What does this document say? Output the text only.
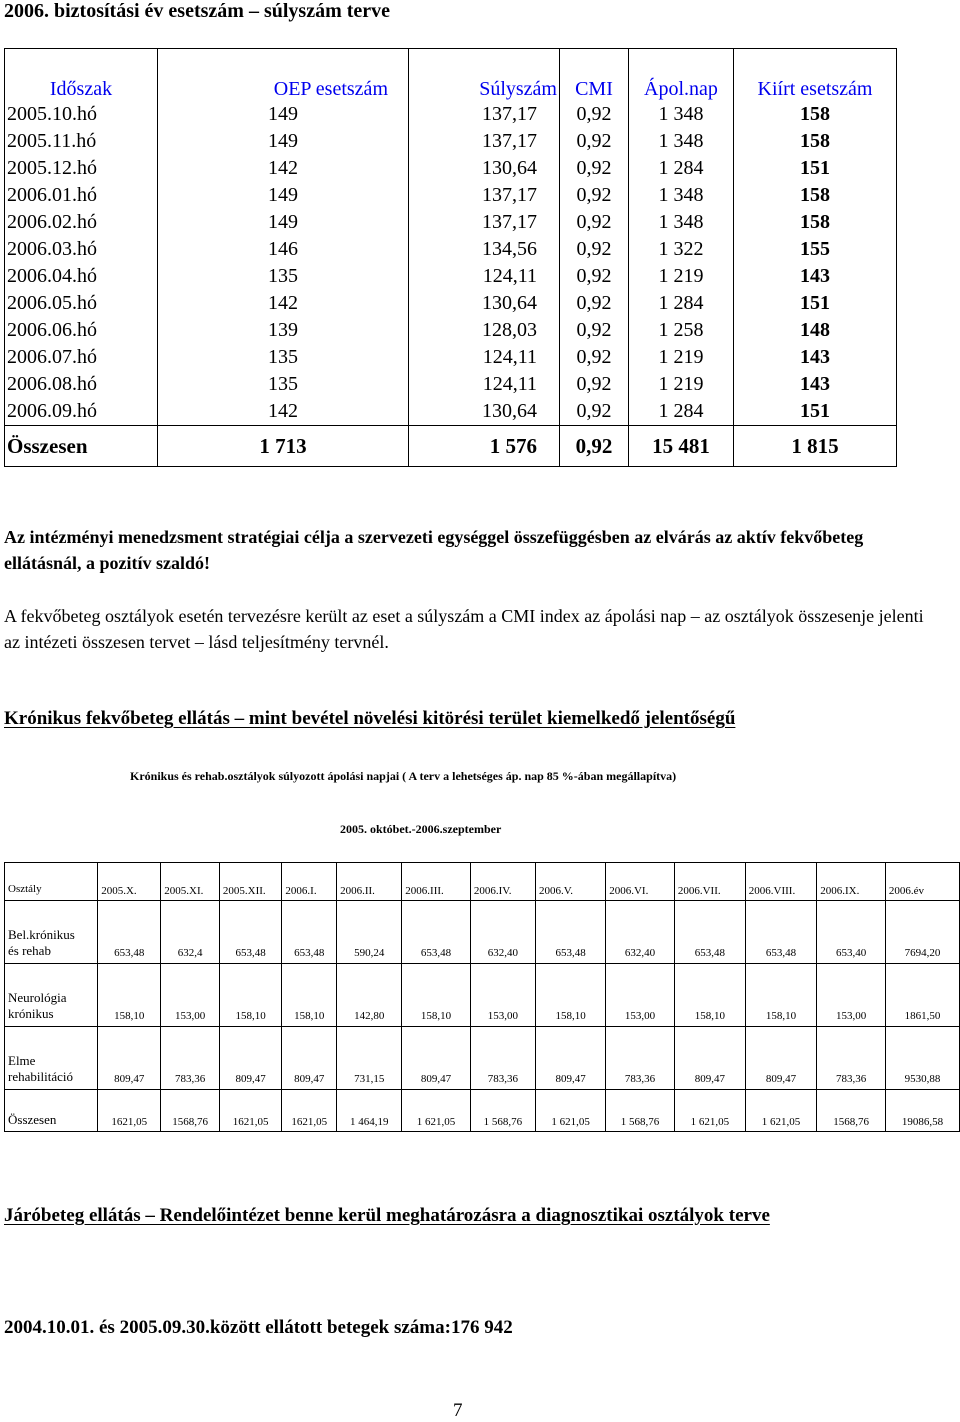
2006. biztosítási év esetszám – súlyszám terve
Időszak	OEP esetszám	Súlyszám	CMI	Ápol.nap	Kiírt esetszám
2005.10.hó	149	137,17	0,92	1 348	158
2005.11.hó	149	137,17	0,92	1 348	158
2005.12.hó	142	130,64	0,92	1 284	151
2006.01.hó	149	137,17	0,92	1 348	158
2006.02.hó	149	137,17	0,92	1 348	158
2006.03.hó	146	134,56	0,92	1 322	155
2006.04.hó	135	124,11	0,92	1 219	143
2006.05.hó	142	130,64	0,92	1 284	151
2006.06.hó	139	128,03	0,92	1 258	148
2006.07.hó	135	124,11	0,92	1 219	143
2006.08.hó	135	124,11	0,92	1 219	143
2006.09.hó	142	130,64	0,92	1 284	151
Összesen	1 713	1 576	0,92	15 481	1 815
Az intézményi menedzsment stratégiai célja a szervezeti egységgel összefüggésben az elvárás az aktív fekvőbeteg ellátásnál, a pozitív szaldó!
A fekvőbeteg osztályok esetén tervezésre került az eset a súlyszám a CMI index az ápolási nap – az osztályok összesenje jelenti az intézeti összesen tervet – lásd teljesítmény tervnél.
Krónikus fekvőbeteg ellátás – mint bevétel növelési kitörési terület kiemelkedő jelentőségű
Krónikus és rehab.osztályok súlyozott ápolási napjai ( A terv a lehetséges áp. nap 85 %-ában megállapítva)
2005. októbet.-2006.szeptember
Osztály	2005.X.	2005.XI.	2005.XII.	2006.I.	2006.II.	2006.III.	2006.IV.	2006.V.	2006.VI.	2006.VII.	2006.VIII.	2006.IX.	2006.év

Bel.krónikus
és rehab	653,48	632,4	653,48	653,48	590,24	653,48	632,40	653,48	632,40	653,48	653,48	653,40	7694,20

Neurológia
krónikus	158,10	153,00	158,10	158,10	142,80	158,10	153,00	158,10	153,00	158,10	158,10	153,00	1861,50

Elme
rehabilitáció	809,47	783,36	809,47	809,47	731,15	809,47	783,36	809,47	783,36	809,47	809,47	783,36	9530,88
Összesen	1621,05	1568,76	1621,05	1621,05	1 464,19	1 621,05	1 568,76	1 621,05	1 568,76	1 621,05	1 621,05	1568,76	19086,58
Járóbeteg ellátás – Rendelőintézet benne kerül meghatározásra a diagnosztikai osztályok terve
2004.10.01. és 2005.09.30.között ellátott betegek száma:176 942
7
